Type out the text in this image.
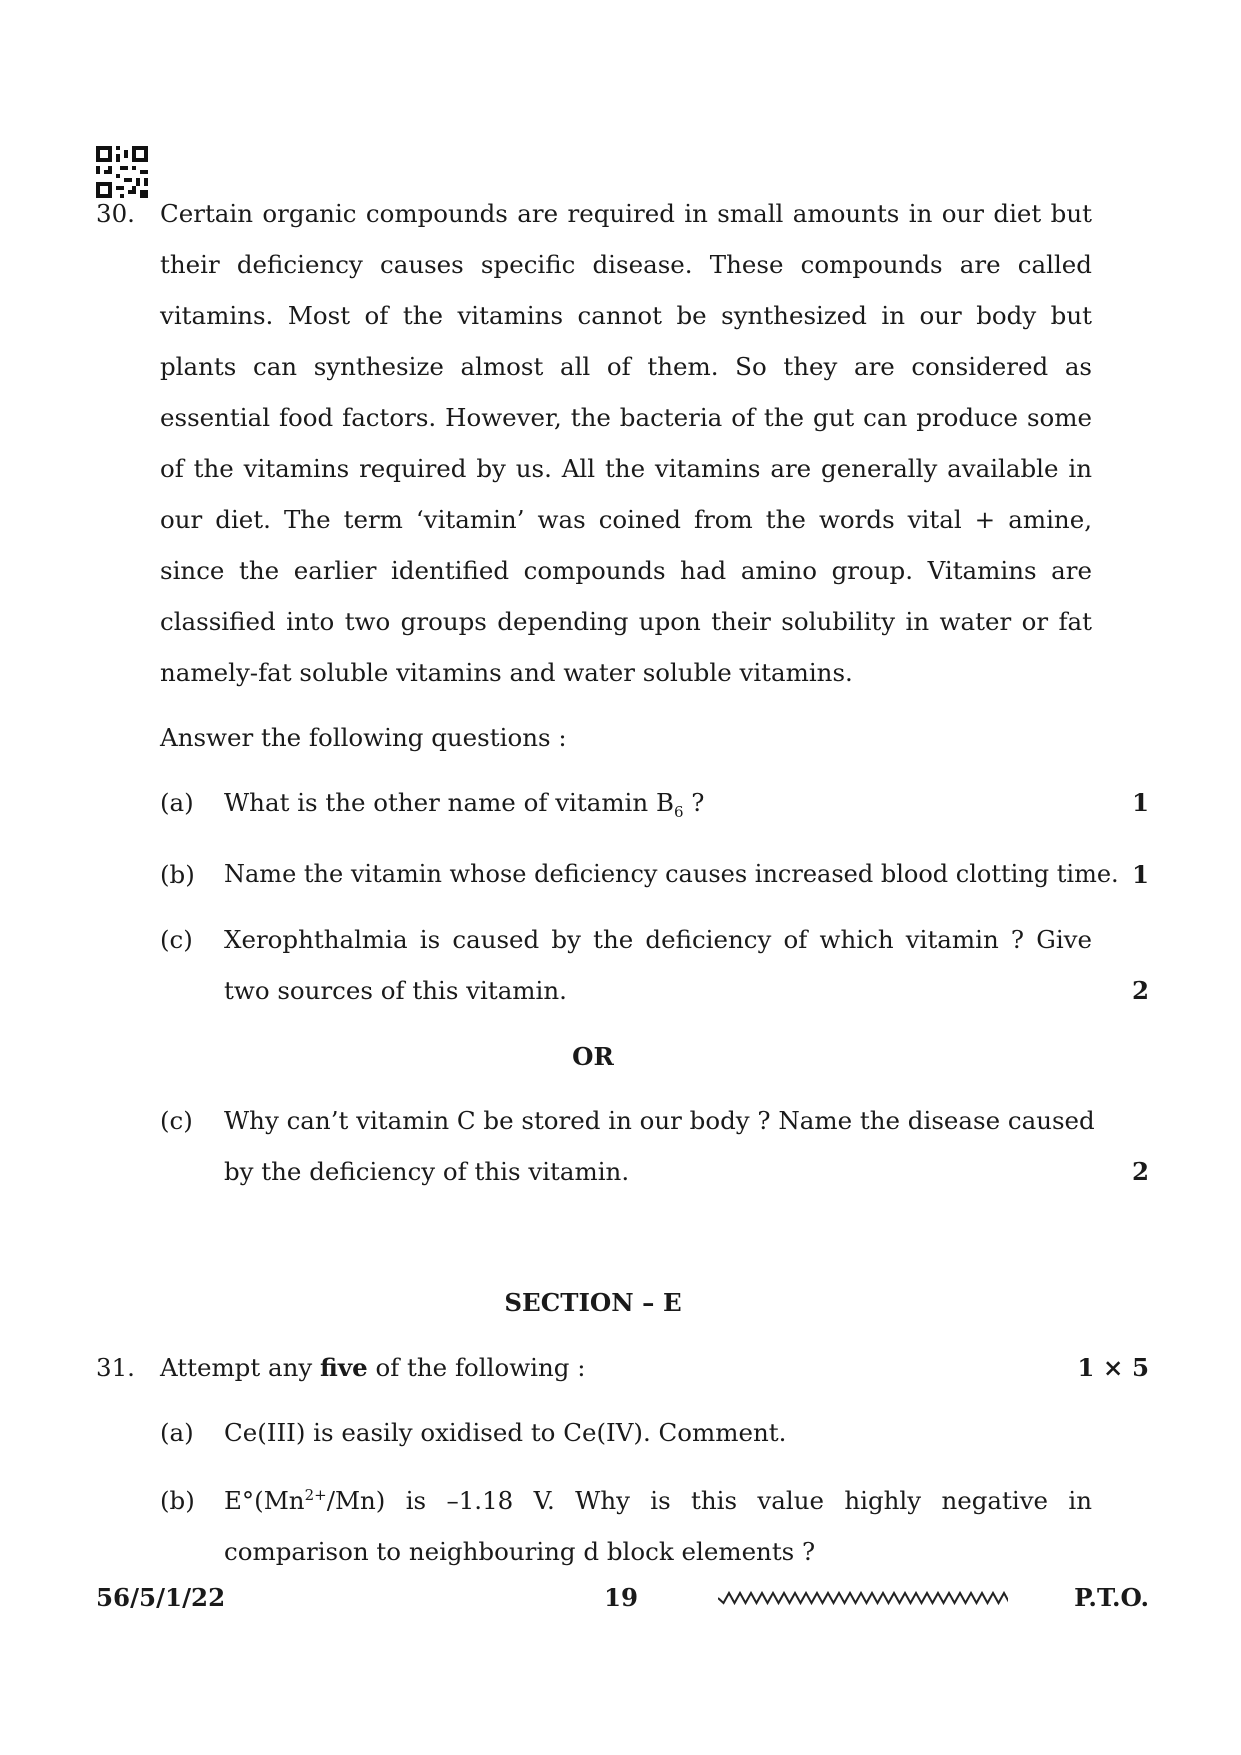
30. Certain organic compounds are required in small amounts in our diet but
their deficiency causes specific disease. These compounds are called
vitamins. Most of the vitamins cannot be synthesized in our body but
plants can synthesize almost all of them. So they are considered as
essential food factors. However, the bacteria of the gut can produce some
of the vitamins required by us. All the vitamins are generally available in
our diet. The term ‘vitamin’ was coined from the words vital + amine,
since the earlier identified compounds had amino group. Vitamins are
classified into two groups depending upon their solubility in water or fat
namely-fat soluble vitamins and water soluble vitamins.
Answer the following questions :
(a) What is the other name of vitamin $B_6$ ?	1
(b) Name the vitamin whose deficiency causes increased blood clotting time. 1
(c) Xerophthalmia is caused by the deficiency of which vitamin ? Give
two sources of this vitamin.	2
OR
(c) Why can’t vitamin C be stored in our body ? Name the disease caused
by the deficiency of this vitamin.	2
SECTION – E
31. Attempt any five of the following :	1 × 5
(a) Ce(III) is easily oxidised to Ce(IV). Comment.
(b) $E^\circ(Mn^{2+}/Mn)$ is –1.18 V. Why is this value highly negative in
comparison to neighbouring d block elements ?
56/5/1/22	19	P.T.O.
